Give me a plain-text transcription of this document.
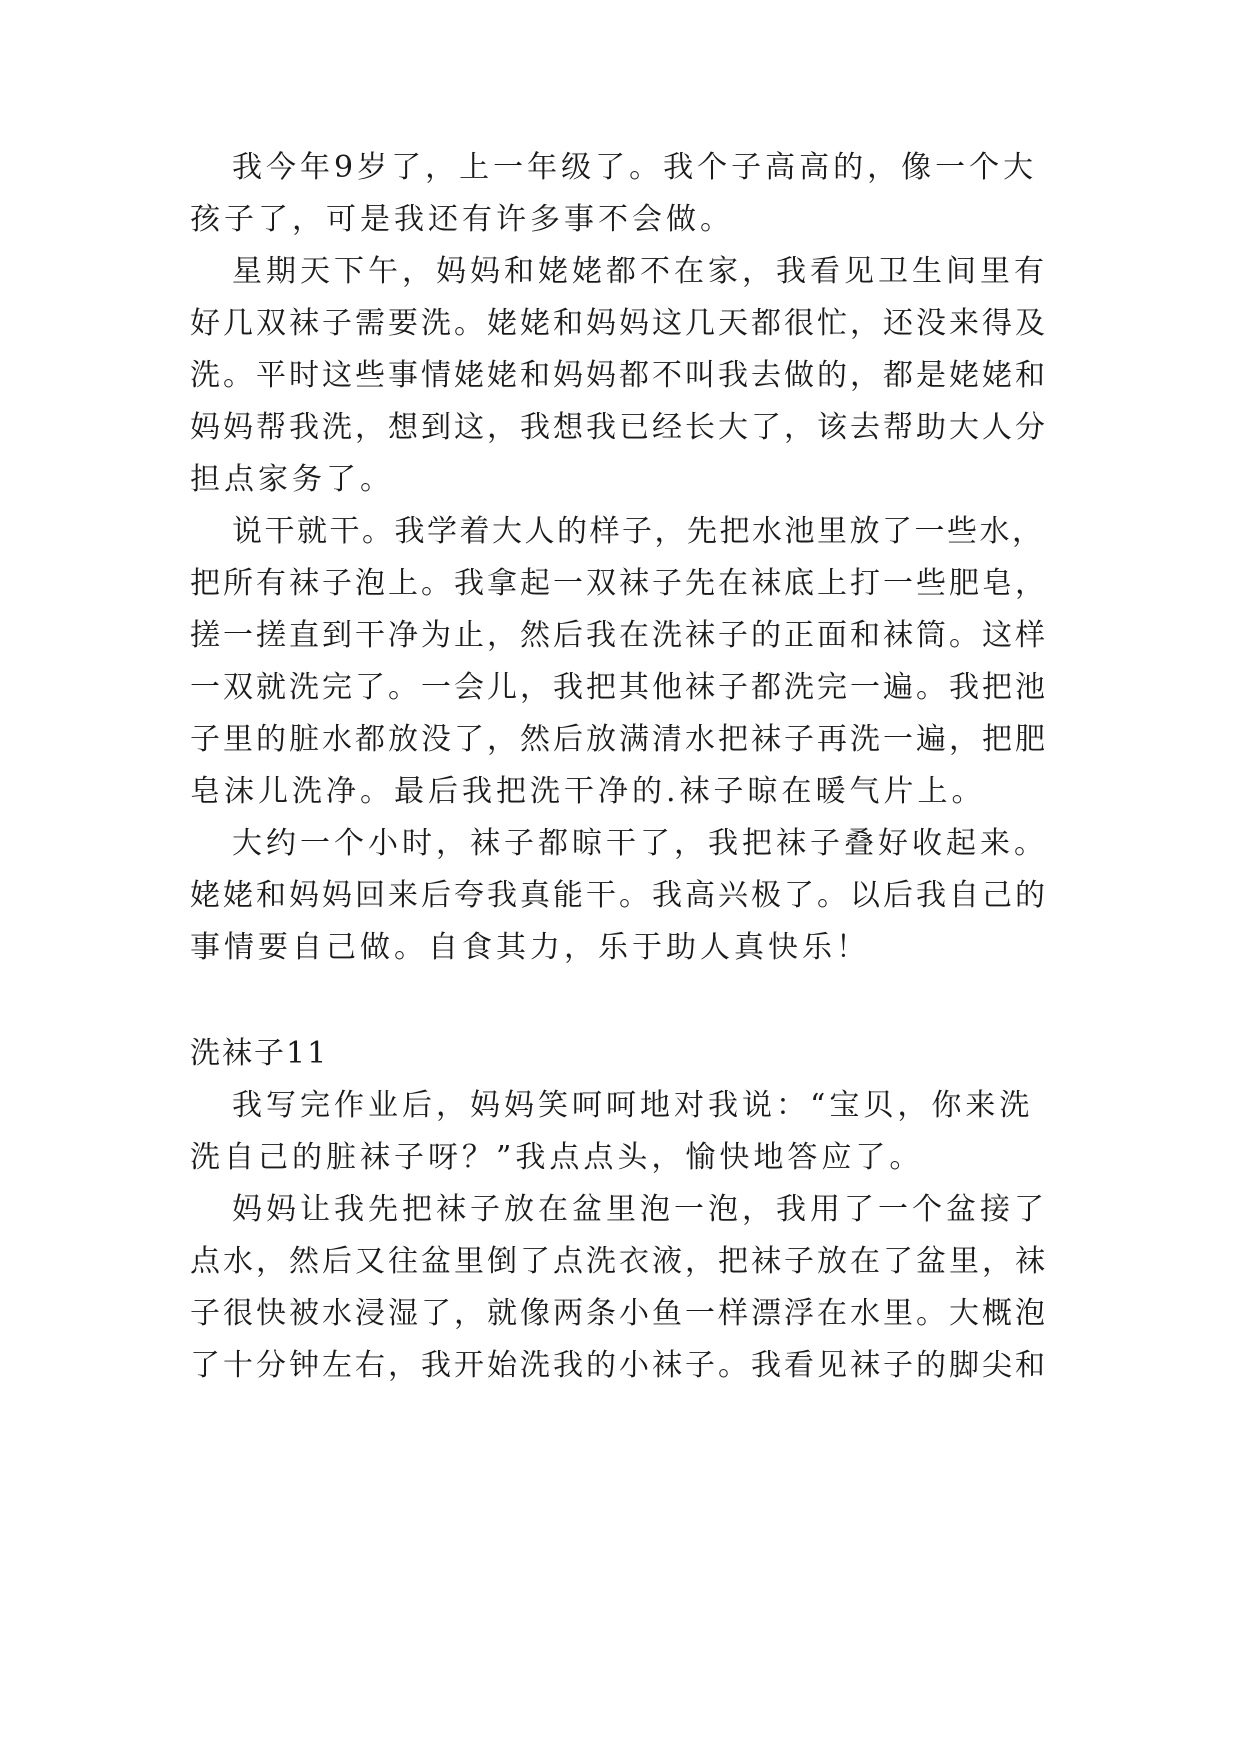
我今年9岁了，上一年级了。我个子高高的，像一个大
孩子了，可是我还有许多事不会做。
星期天下午，妈妈和姥姥都不在家，我看见卫生间里有
好几双袜子需要洗。姥姥和妈妈这几天都很忙，还没来得及
洗。平时这些事情姥姥和妈妈都不叫我去做的，都是姥姥和
妈妈帮我洗，想到这，我想我已经长大了，该去帮助大人分
担点家务了。
说干就干。我学着大人的样子，先把水池里放了一些水，
把所有袜子泡上。我拿起一双袜子先在袜底上打一些肥皂，
搓一搓直到干净为止，然后我在洗袜子的正面和袜筒。这样
一双就洗完了。一会儿，我把其他袜子都洗完一遍。我把池
子里的脏水都放没了，然后放满清水把袜子再洗一遍，把肥
皂沫儿洗净。最后我把洗干净的.袜子晾在暖气片上。
大约一个小时，袜子都晾干了，我把袜子叠好收起来。
姥姥和妈妈回来后夸我真能干。我高兴极了。以后我自己的
事情要自己做。自食其力，乐于助人真快乐！
洗袜子11
我写完作业后，妈妈笑呵呵地对我说：“宝贝，你来洗
洗自己的脏袜子呀？”我点点头，愉快地答应了。
妈妈让我先把袜子放在盆里泡一泡，我用了一个盆接了
点水，然后又往盆里倒了点洗衣液，把袜子放在了盆里，袜
子很快被水浸湿了，就像两条小鱼一样漂浮在水里。大概泡
了十分钟左右，我开始洗我的小袜子。我看见袜子的脚尖和
